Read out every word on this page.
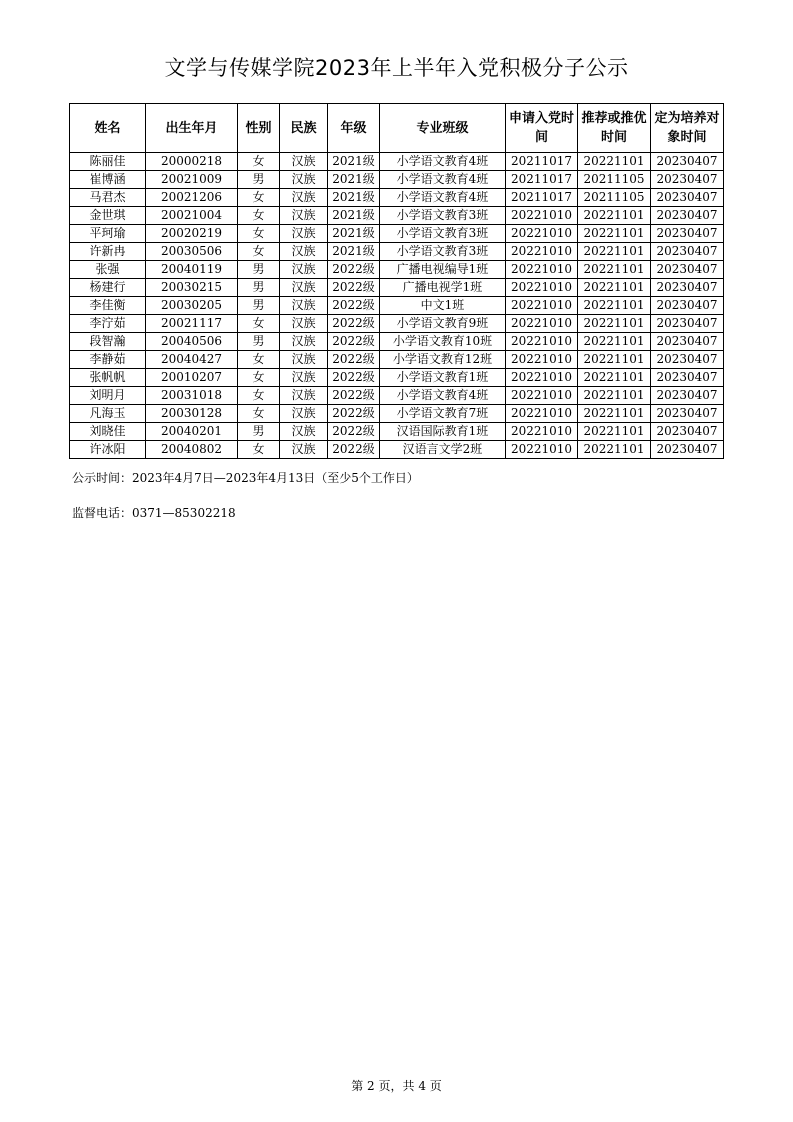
文学与传媒学院2023年上半年入党积极分子公示
姓名	出生年月	性别	民族	年级	专业班级	申请入党时间	推荐或推优时间	定为培养对象时间
陈丽佳	20000218	女	汉族	2021级	小学语文教育4班	20211017	20221101	20230407
崔博涵	20021009	男	汉族	2021级	小学语文教育4班	20211017	20211105	20230407
马君杰	20021206	女	汉族	2021级	小学语文教育4班	20211017	20211105	20230407
金世琪	20021004	女	汉族	2021级	小学语文教育3班	20221010	20221101	20230407
平珂瑜	20020219	女	汉族	2021级	小学语文教育3班	20221010	20221101	20230407
许新冉	20030506	女	汉族	2021级	小学语文教育3班	20221010	20221101	20230407
张强	20040119	男	汉族	2022级	广播电视编导1班	20221010	20221101	20230407
杨建行	20030215	男	汉族	2022级	广播电视学1班	20221010	20221101	20230407
李佳衡	20030205	男	汉族	2022级	中文1班	20221010	20221101	20230407
李泞茹	20021117	女	汉族	2022级	小学语文教育9班	20221010	20221101	20230407
段智瀚	20040506	男	汉族	2022级	小学语文教育10班	20221010	20221101	20230407
李静茹	20040427	女	汉族	2022级	小学语文教育12班	20221010	20221101	20230407
张帆帆	20010207	女	汉族	2022级	小学语文教育1班	20221010	20221101	20230407
刘明月	20031018	女	汉族	2022级	小学语文教育4班	20221010	20221101	20230407
凡海玉	20030128	女	汉族	2022级	小学语文教育7班	20221010	20221101	20230407
刘晓佳	20040201	男	汉族	2022级	汉语国际教育1班	20221010	20221101	20230407
许冰阳	20040802	女	汉族	2022级	汉语言文学2班	20221010	20221101	20230407
公示时间：2023年4月7日—2023年4月13日（至少5个工作日）
监督电话：0371—85302218
第 2 页，共 4 页
